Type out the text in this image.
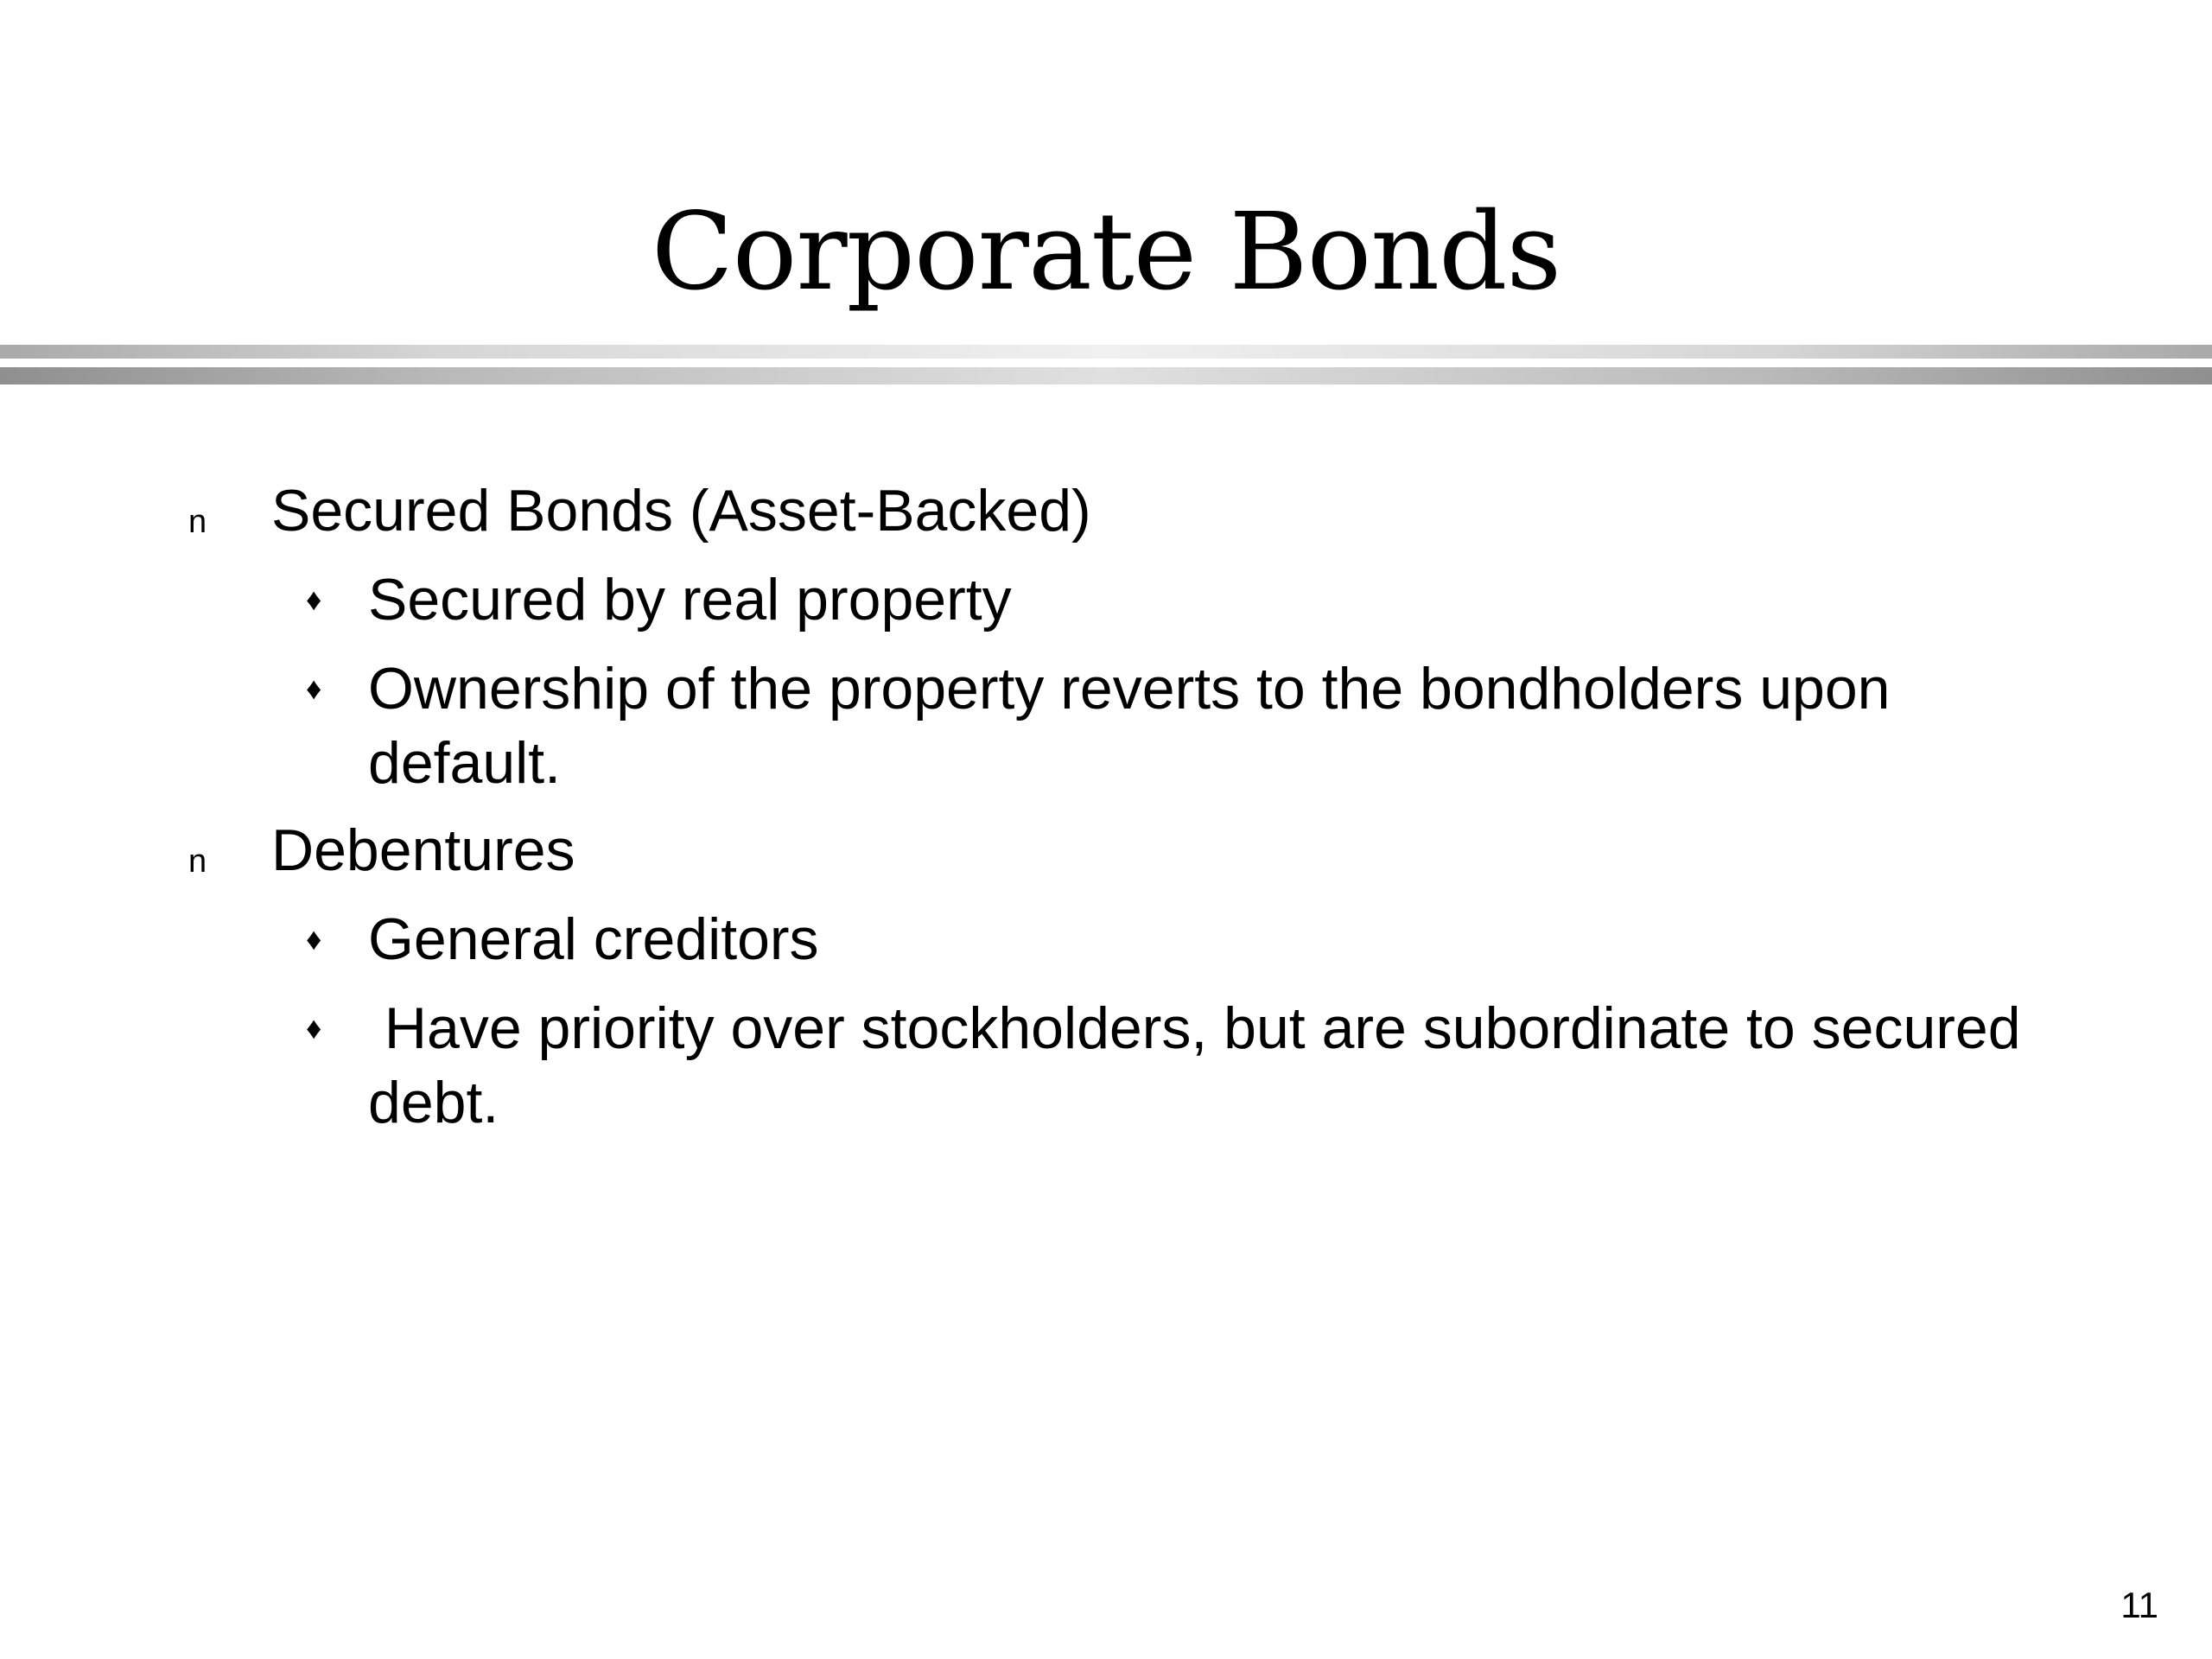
Corporate Bonds
n Secured Bonds (Asset-Backed)
♦ Secured by real property
♦ Ownership of the property reverts to the bondholders upon default.
n Debentures
♦ General creditors
♦ Have priority over stockholders, but are subordinate to secured debt.
11
